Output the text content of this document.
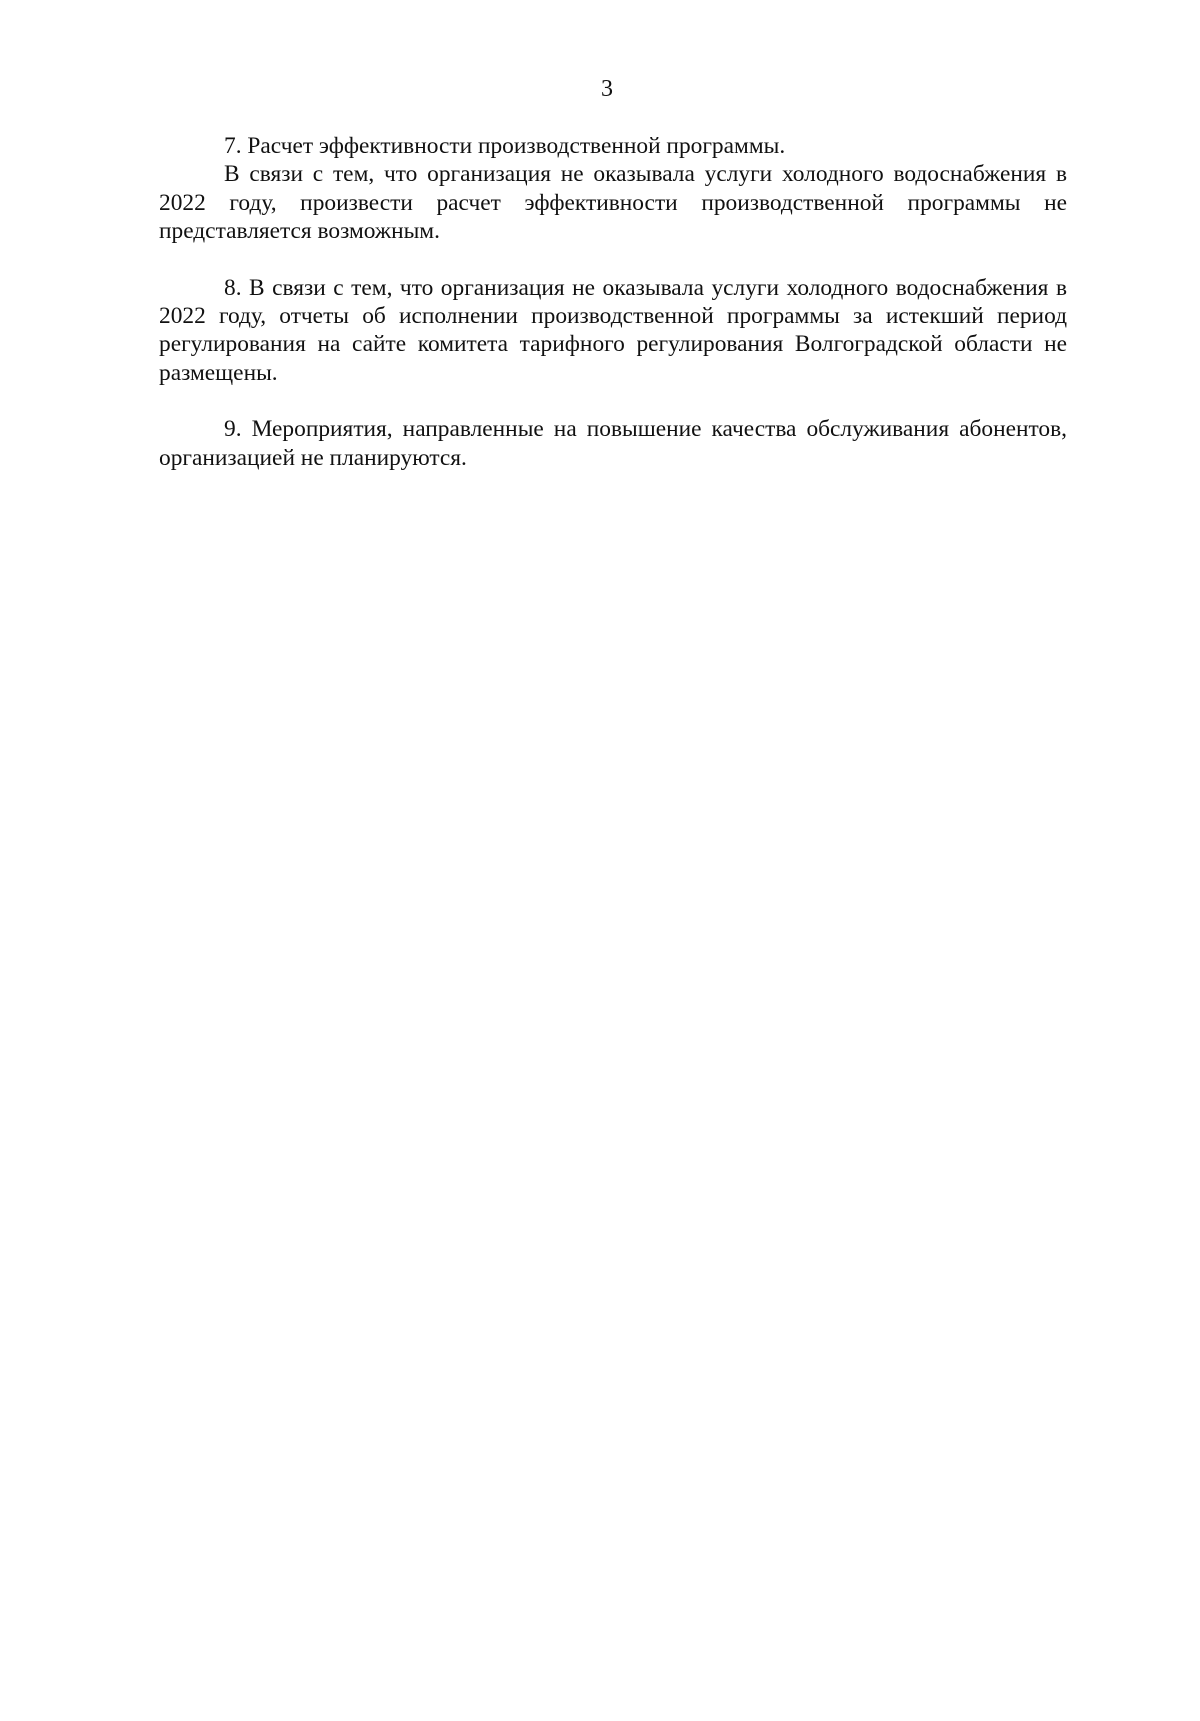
3

7. Расчет эффективности производственной программы.

В связи с тем, что организация не оказывала услуги холодного водоснабжения в 2022 году, произвести расчет эффективности производственной программы не представляется возможным.

8. В связи с тем, что организация не оказывала услуги холодного водоснабжения в 2022 году, отчеты об исполнении производственной программы за истекший период регулирования на сайте комитета тарифного регулирования Волгоградской области не размещены.

9. Мероприятия, направленные на повышение качества обслуживания абонентов, организацией не планируются.
